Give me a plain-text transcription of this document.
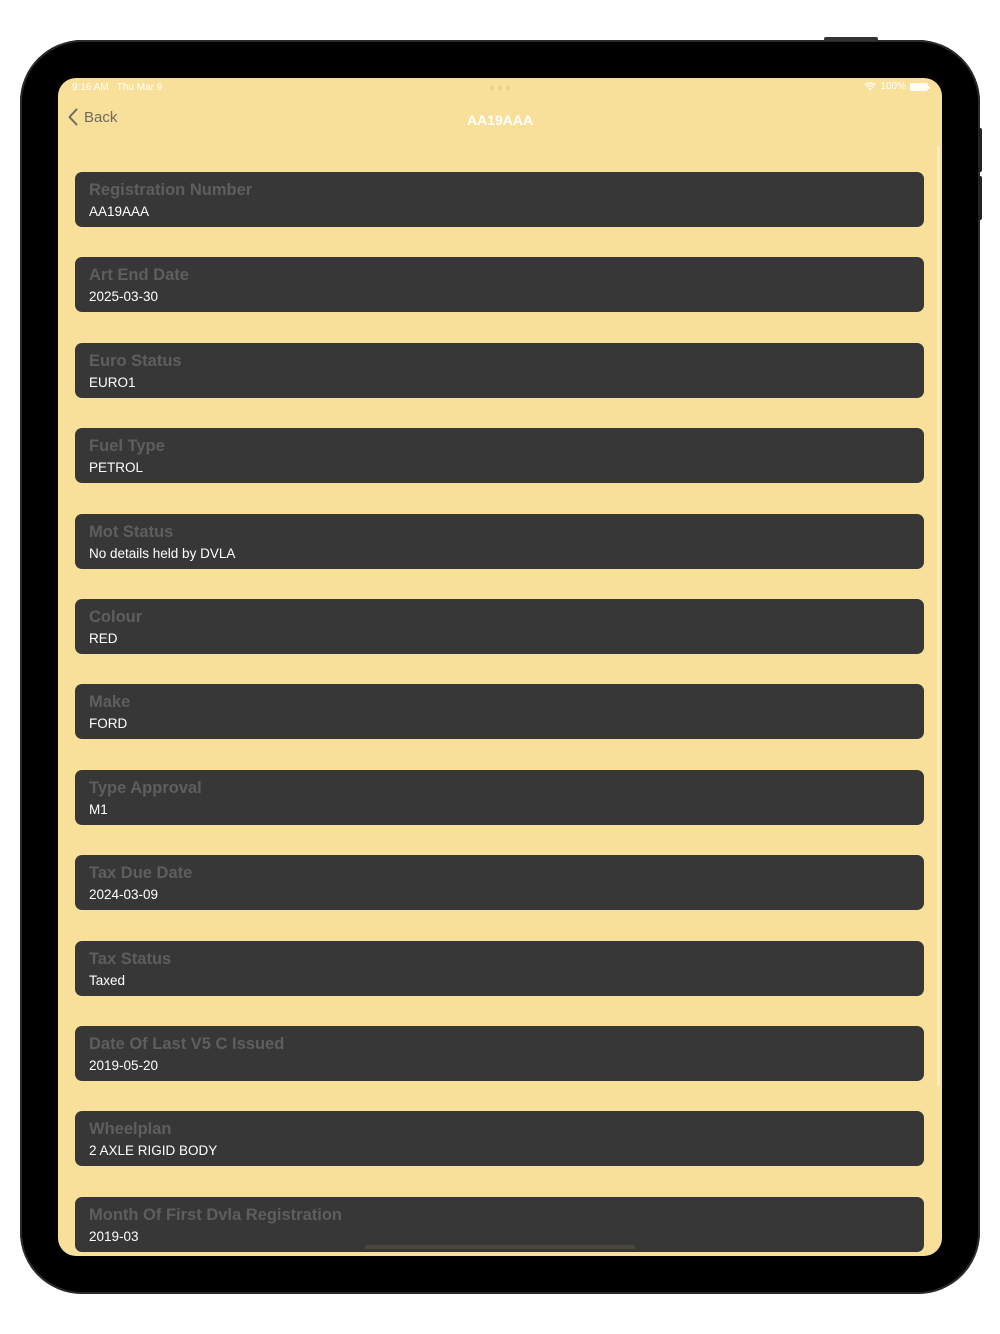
9:16 AM Thu Mar 9	100%
Back	AA19AAA
Registration Number
AA19AAA
Art End Date
2025-03-30
Euro Status
EURO1
Fuel Type
PETROL
Mot Status
No details held by DVLA
Colour
RED
Make
FORD
Type Approval
M1
Tax Due Date
2024-03-09
Tax Status
Taxed
Date Of Last V5 C Issued
2019-05-20
Wheelplan
2 AXLE RIGID BODY
Month Of First Dvla Registration
2019-03
